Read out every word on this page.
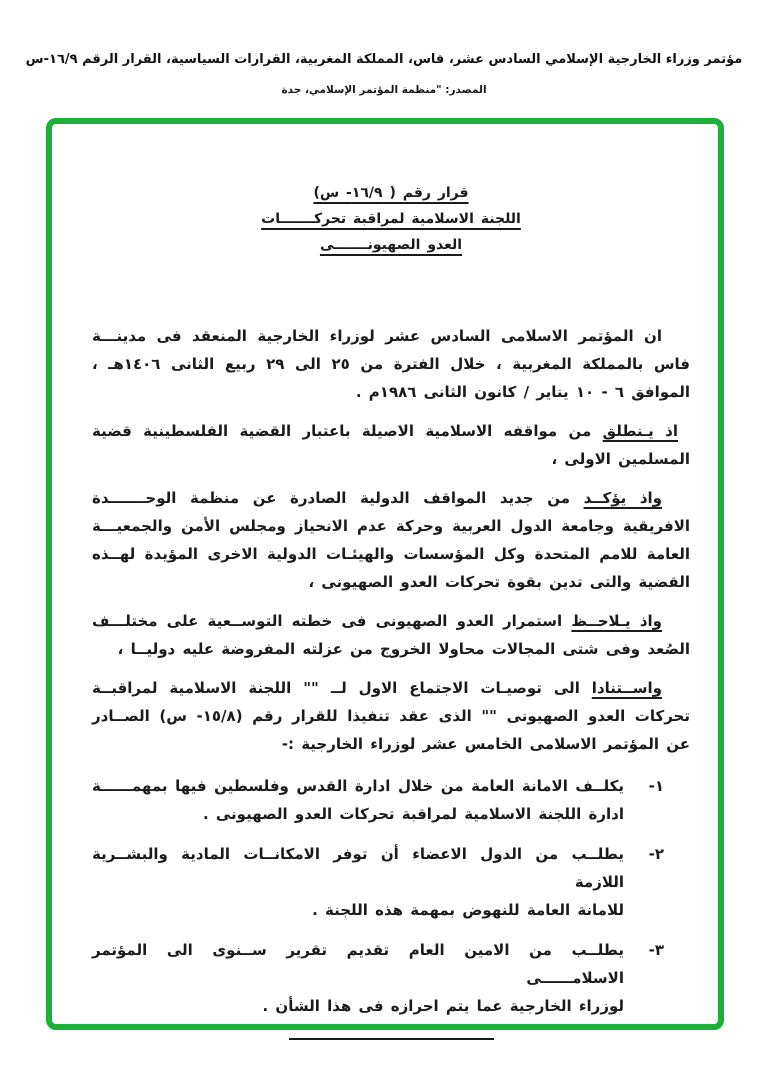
مؤتمر وزراء الخارجية الإسلامي السادس عشر، فاس، المملكة المغربية، القرارات السياسية، القرار الرقم ١٦/٩-س
المصدر: "منظمة المؤتمر الإسلامي، جدة
قرار رقم ( ١٦/٩- س)
اللجنة الاسلامية لمراقبة تحركـــــــات
العدو الصهيونـــــــى
ان المؤتمر الاسلامى السادس عشر لوزراء الخارجية المنعقد فى مدينـــة
فاس بالمملكة المغربية ، خلال الفترة من ٢٥ الى ٢٩ ربيع الثانى ١٤٠٦هـ ،
الموافق ٦ - ١٠ يناير / كانون الثانى ١٩٨٦م .
اذ يـنطلق من مواقفه الاسلامية الاصيلة باعتبار القضية الفلسطينية قضية
المسلمين الاولى ،
واذ يؤكــد من جديد المواقف الدولية الصادرة عن منظمة الوحـــــــدة
الافريقية وجامعة الدول العربية وحركة عدم الانحياز ومجلس الأمن والجمعيـــة
العامة للامم المتحدة وكل المؤسسات والهيئـات الدولية الاخرى المؤيدة لهــذه
القضية والتى تدين بقوة تحركات العدو الصهيونى ،
واذ يـلاحــظ استمرار العدو الصهيونى فى خطته التوســعية على مختلـــف
الصُعد وفى شتى المجالات محاولا الخروج من عزلته المفروضة عليه دوليــا ،
واســتنادا الى توصيـات الاجتماع الاول لــ "" اللجنة الاسلامية لمراقبــة
تحركات العدو الصهيونى "" الذى عقد تنفيذا للقرار رقم (١٥/٨- س) الصــادر
عن المؤتمر الاسلامى الخامس عشر لوزراء الخارجية :-
١-
يكلــف الامانة العامة من خلال ادارة القدس وفلسطين فيها بمهمــــــة
ادارة اللجنة الاسلامية لمراقبة تحركات العدو الصهيونى .
٢-
يطلــب من الدول الاعضاء أن توفر الامكانــات المادية والبشــرية اللازمة
للامانة العامة للنهوض بمهمة هذه اللجنة .
٣-
يطلــب من الامين العام تقديم تقرير ســنوى الى المؤتمر الاسلامــــــى
لوزراء الخارجية عما يتم احرازه فى هذا الشأن .
